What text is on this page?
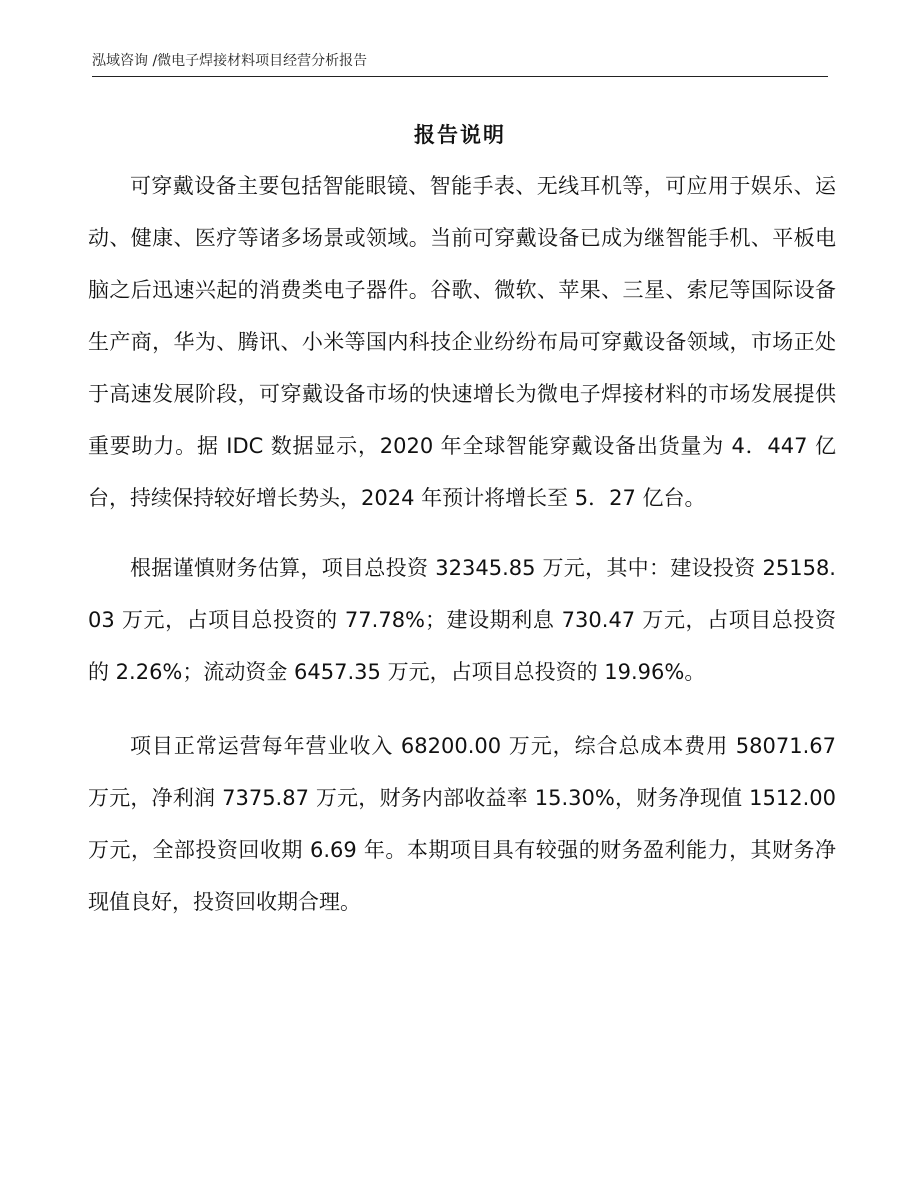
泓域咨询 /微电子焊接材料项目经营分析报告
报告说明

可穿戴设备主要包括智能眼镜、智能手表、无线耳机等，可应用于娱乐、运动、健康、医疗等诸多场景或领域。当前可穿戴设备已成为继智能手机、平板电脑之后迅速兴起的消费类电子器件。谷歌、微软、苹果、三星、索尼等国际设备生产商，华为、腾讯、小米等国内科技企业纷纷布局可穿戴设备领域，市场正处于高速发展阶段，可穿戴设备市场的快速增长为微电子焊接材料的市场发展提供重要助力。据 IDC 数据显示，2020 年全球智能穿戴设备出货量为 4．447 亿台，持续保持较好增长势头，2024 年预计将增长至 5．27 亿台。

根据谨慎财务估算，项目总投资 32345.85 万元，其中：建设投资 25158.03 万元，占项目总投资的 77.78%；建设期利息 730.47 万元，占项目总投资的 2.26%；流动资金 6457.35 万元，占项目总投资的 19.96%。

项目正常运营每年营业收入 68200.00 万元，综合总成本费用 58071.67 万元，净利润 7375.87 万元，财务内部收益率 15.30%，财务净现值 1512.00 万元，全部投资回收期 6.69 年。本期项目具有较强的财务盈利能力，其财务净现值良好，投资回收期合理。
